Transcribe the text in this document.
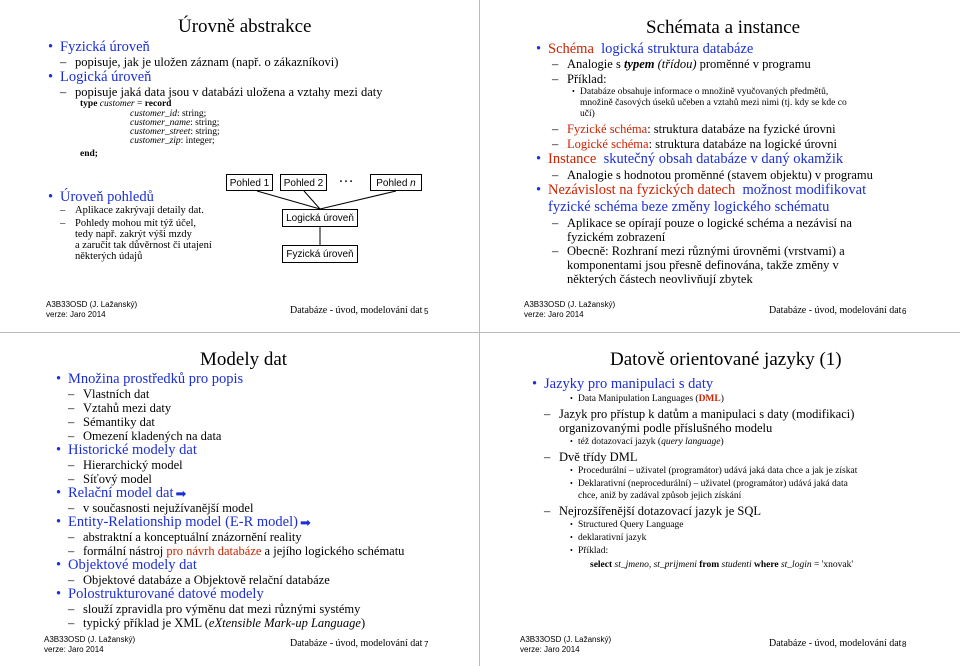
Úrovně abstrakce
• Fyzická úroveň
– popisuje, jak je uložen záznam (např. o zákazníkovi)
• Logická úroveň
– popisuje jaká data jsou v databázi uložena a vztahy mezi daty
type customer = record
customer_id: string;
customer_name: string;
customer_street: string;
customer_zip: integer;
end;
• Úroveň pohledů
– Aplikace zakrývají detaily dat.
– Pohledy mohou mít týž účel,
tedy např. zakrýt výši mzdy
a zaručit tak důvěrnost či utajení
některých údajů
Pohled 1	Pohled 2 …	Pohled n
Logická úroveň
Fyzická úroveň
A3B33OSD (J. Lažanský)
verze: Jaro 2014	Databáze - úvod, modelování dat 5
Schémata a instance
• Schéma logická struktura databáze
– Analogie s typem (třídou) proměnné v programu
– Příklad:
• Databáze obsahuje informace o množině vyučovaných předmětů,
množině časových úseků učeben a vztahů mezi nimi (tj. kdy se kde co
učí)
– Fyzické schéma: struktura databáze na fyzické úrovni
– Logické schéma: struktura databáze na logické úrovni
• Instance skutečný obsah databáze v daný okamžik
– Analogie s hodnotou proměnné (stavem objektu) v programu
• Nezávislost na fyzických datech možnost modifikovat
fyzické schéma beze změny logického schématu
– Aplikace se opírají pouze o logické schéma a nezávisí na
fyzickém zobrazení
– Obecně: Rozhraní mezi různými úrovněmi (vrstvami) a
komponentami jsou přesně definována, takže změny v
některých částech neovlivňují zbytek
A3B33OSD (J. Lažanský)
verze: Jaro 2014	Databáze - úvod, modelování dat 6
Modely dat
• Množina prostředků pro popis
– Vlastních dat
– Vztahů mezi daty
– Sémantiky dat
– Omezení kladených na data
• Historické modely dat
– Hierarchický model
– Síťový model
• Relační model dat ➡
– v současnosti nejužívanější model
• Entity-Relationship model (E-R model) ➡
– abstraktní a konceptuální znázornění reality
– formální nástroj pro návrh databáze a jejího logického schématu
• Objektové modely dat
– Objektové databáze a Objektově relační databáze
• Polostrukturované datové modely
– slouží zpravidla pro výměnu dat mezi různými systémy
– typický příklad je XML (eXtensible Mark-up Language)
A3B33OSD (J. Lažanský)
verze: Jaro 2014
Databáze - úvod, modelování dat 7
Datově orientované jazyky (1)
• Jazyky pro manipulaci s daty
• Data Manipulation Languages (DML)
– Jazyk pro přístup k datům a manipulaci s daty (modifikaci)
organizovanými podle příslušného modelu
• též dotazovací jazyk (query language)
– Dvě třídy DML
• Procedurální – uživatel (programátor) udává jaká data chce a jak je získat
• Deklarativní (neprocedurální) – uživatel (programátor) udává jaká data
chce, aniž by zadával způsob jejich získání
– Nejrozšířenější dotazovací jazyk je SQL
• Structured Query Language
• deklarativní jazyk
• Příklad:
select st_jmeno, st_prijmeni from studenti where st_login = 'xnovak'
A3B33OSD (J. Lažanský)
verze: Jaro 2014
Databáze - úvod, modelování dat 8
